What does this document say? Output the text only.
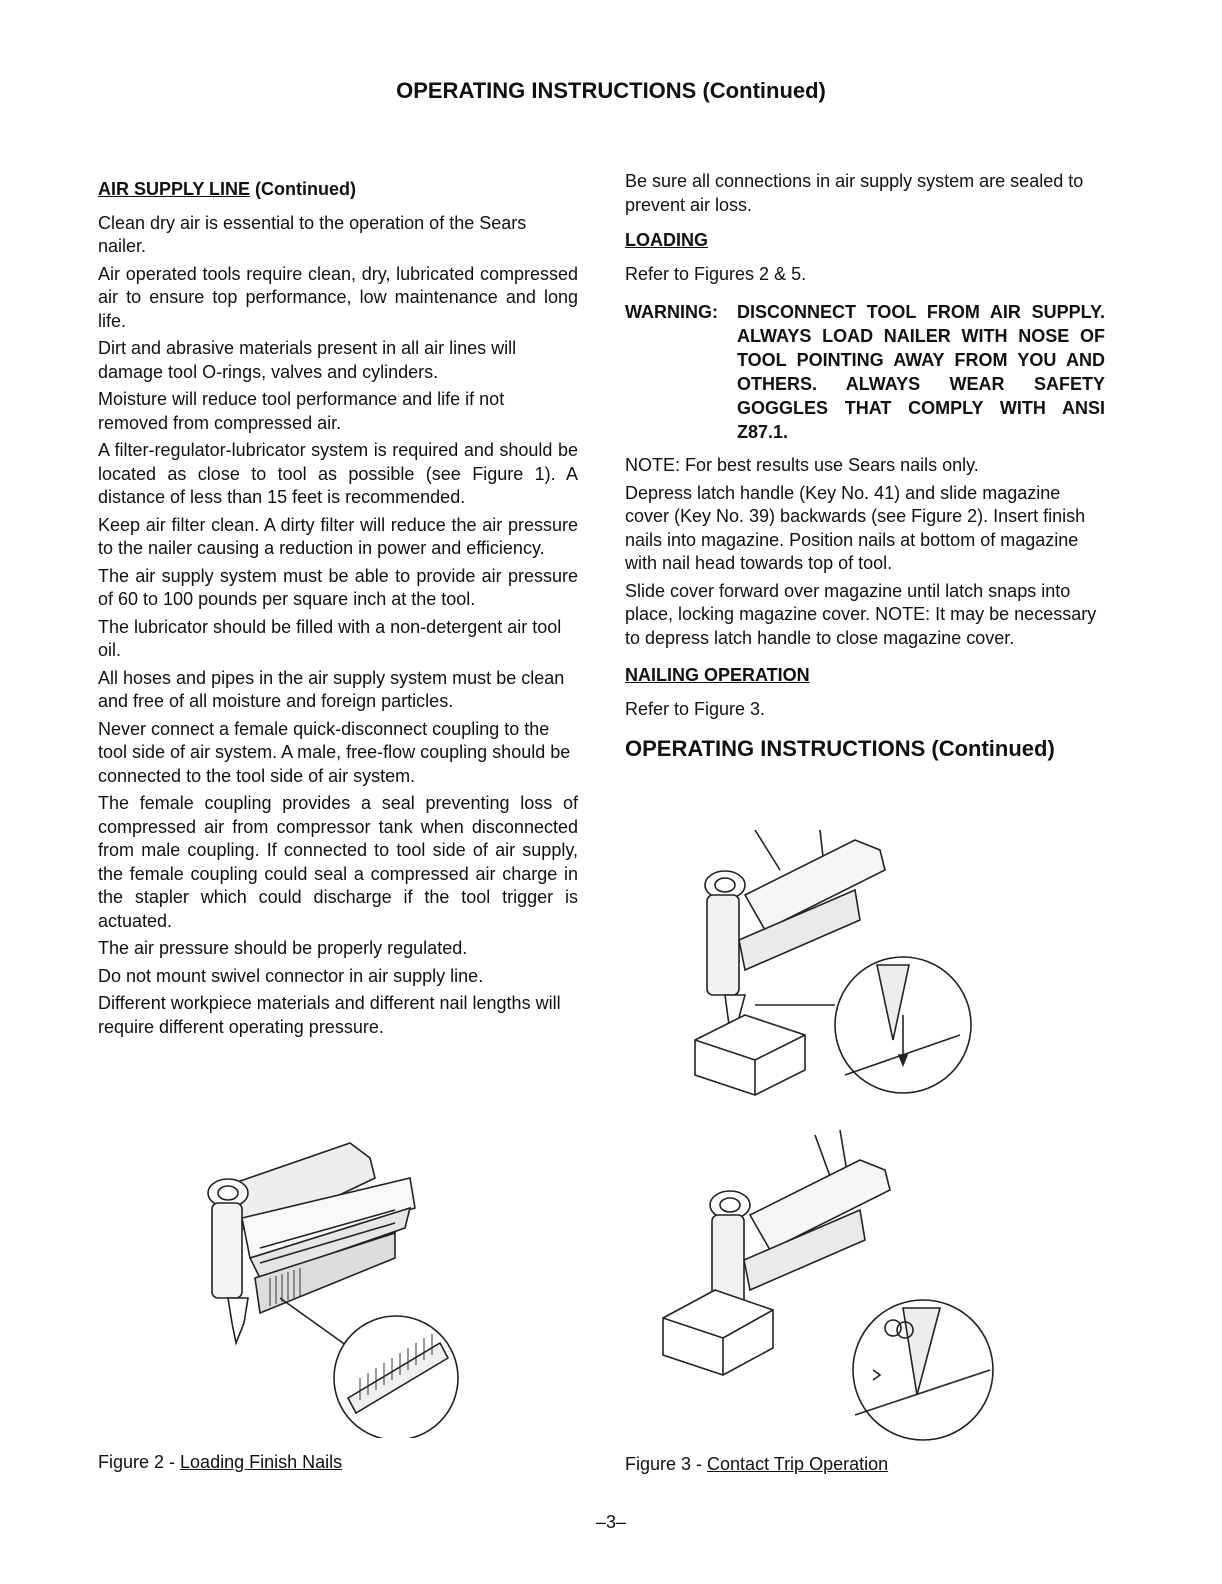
OPERATING INSTRUCTIONS (Continued)
AIR SUPPLY LINE (Continued)

Clean dry air is essential to the operation of the Sears nailer.

Air operated tools require clean, dry, lubricated compressed air to ensure top performance, low maintenance and long life.

Dirt and abrasive materials present in all air lines will damage tool O-rings, valves and cylinders.

Moisture will reduce tool performance and life if not removed from compressed air.

A filter-regulator-lubricator system is required and should be located as close to tool as possible (see Figure 1). A distance of less than 15 feet is recommended.

Keep air filter clean. A dirty filter will reduce the air pressure to the nailer causing a reduction in power and efficiency.

The air supply system must be able to provide air pressure of 60 to 100 pounds per square inch at the tool.

The lubricator should be filled with a non-detergent air tool oil.

All hoses and pipes in the air supply system must be clean and free of all moisture and foreign particles.

Never connect a female quick-disconnect coupling to the tool side of air system. A male, free-flow coupling should be connected to the tool side of air system.

The female coupling provides a seal preventing loss of compressed air from compressor tank when disconnected from male coupling. If connected to tool side of air supply, the female coupling could seal a compressed air charge in the stapler which could discharge if the tool trigger is actuated.

The air pressure should be properly regulated.

Do not mount swivel connector in air supply line.

Different workpiece materials and different nail lengths will require different operating pressure.

Be sure all connections in air supply system are sealed to prevent air loss.

LOADING

Refer to Figures 2 & 5.

WARNING:	DISCONNECT TOOL FROM AIR SUPPLY. ALWAYS LOAD NAILER WITH NOSE OF TOOL POINTING AWAY FROM YOU AND OTHERS. ALWAYS WEAR SAFETY GOGGLES THAT COMPLY WITH ANSI Z87.1.

NOTE: For best results use Sears nails only.

Depress latch handle (Key No. 41) and slide magazine cover (Key No. 39) backwards (see Figure 2). Insert finish nails into magazine. Position nails at bottom of magazine with nail head towards top of tool.

Slide cover forward over magazine until latch snaps into place, locking magazine cover. NOTE: It may be necessary to depress latch handle to close magazine cover.

NAILING OPERATION

Refer to Figure 3.

OPERATING INSTRUCTIONS (Continued)
Figure 2 - Loading Finish Nails	Figure 3 - Contact Trip Operation
–3–
